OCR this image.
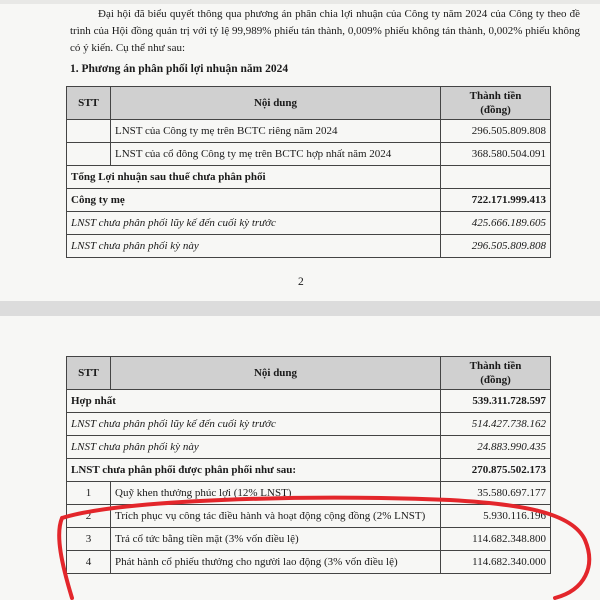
Đại hội đã biểu quyết thông qua phương án phân chia lợi nhuận của Công ty năm 2024 của Công ty theo đề trình của Hội đồng quản trị với tỷ lệ 99,989% phiếu tán thành, 0,009% phiếu không tán thành, 0,002% phiếu không có ý kiến. Cụ thể như sau:

1. Phương án phân phối lợi nhuận năm 2024
STT	Nội dung	Thành tiền
(đồng)
	LNST của Công ty mẹ trên BCTC riêng năm 2024	296.505.809.808
	LNST của cổ đông Công ty mẹ trên BCTC hợp nhất năm 2024	368.580.504.091
Tổng Lợi nhuận sau thuế chưa phân phối		
Công ty mẹ		722.171.999.413
LNST chưa phân phối lũy kế đến cuối kỳ trước		425.666.189.605
LNST chưa phân phối kỳ này		296.505.809.808
2
STT	Nội dung	Thành tiền
(đồng)
Hợp nhất		539.311.728.597
LNST chưa phân phối lũy kế đến cuối kỳ trước		514.427.738.162
LNST chưa phân phối kỳ này		24.883.990.435
LNST chưa phân phối được phân phối như sau:		270.875.502.173
1	Quỹ khen thưởng phúc lợi (12% LNST)	35.580.697.177
2	Trích phục vụ công tác điều hành và hoạt động cộng đồng (2% LNST)	5.930.116.196
3	Trả cổ tức bằng tiền mặt (3% vốn điều lệ)	114.682.348.800
4	Phát hành cổ phiếu thưởng cho người lao động (3% vốn điều lệ)	114.682.340.000
